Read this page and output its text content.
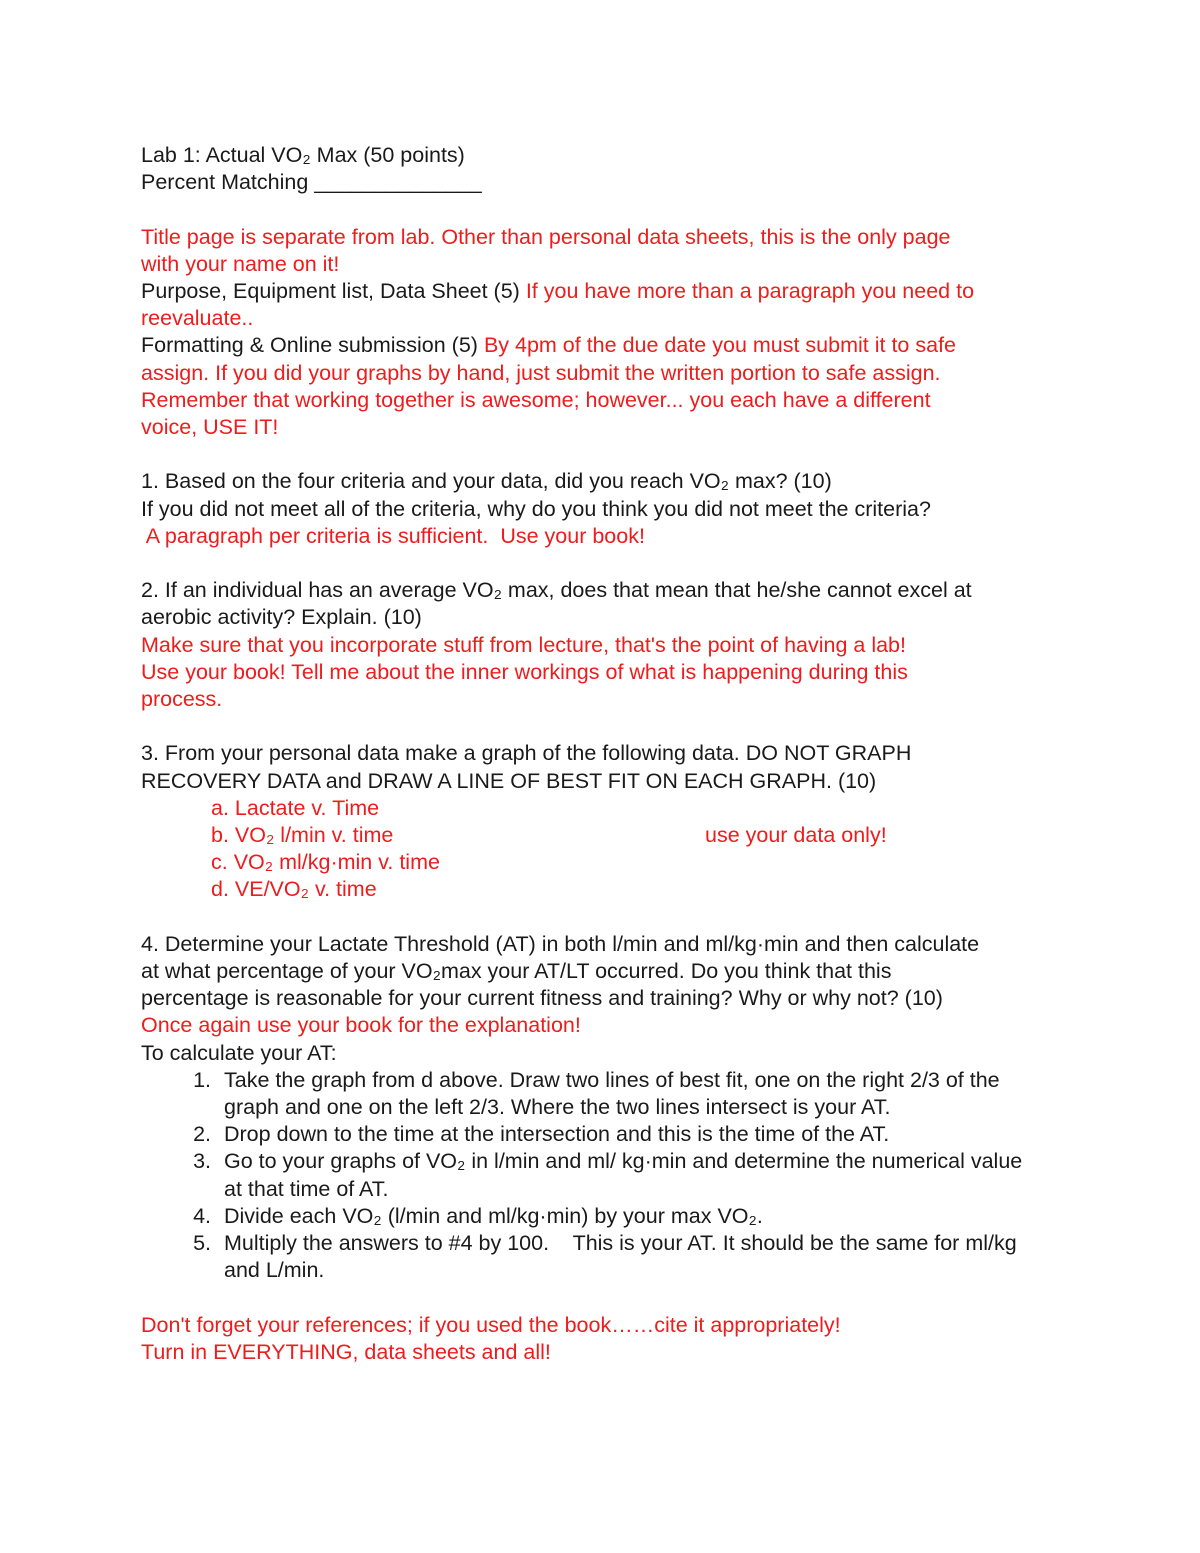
Lab 1: Actual VO₂ Max (50 points)
Percent Matching ______________
Title page is separate from lab. Other than personal data sheets, this is the only page
with your name on it!
Purpose, Equipment list, Data Sheet (5) If you have more than a paragraph you need to
reevaluate..
Formatting & Online submission (5) By 4pm of the due date you must submit it to safe
assign. If you did your graphs by hand, just submit the written portion to safe assign.
Remember that working together is awesome; however... you each have a different
voice, USE IT!
1. Based on the four criteria and your data, did you reach VO₂ max? (10)
If you did not meet all of the criteria, why do you think you did not meet the criteria?
A paragraph per criteria is sufficient.  Use your book!
2. If an individual has an average VO₂ max, does that mean that he/she cannot excel at
aerobic activity? Explain. (10)
Make sure that you incorporate stuff from lecture, that's the point of having a lab!
Use your book! Tell me about the inner workings of what is happening during this
process.
3. From your personal data make a graph of the following data. DO NOT GRAPH
RECOVERY DATA and DRAW A LINE OF BEST FIT ON EACH GRAPH. (10)
a. Lactate v. Time
b. VO₂ l/min v. time	use your data only!
c. VO₂ ml/kg·min v. time
d. VE/VO₂ v. time
4. Determine your Lactate Threshold (AT) in both l/min and ml/kg·min and then calculate
at what percentage of your VO₂max your AT/LT occurred. Do you think that this
percentage is reasonable for your current fitness and training? Why or why not? (10)
Once again use your book for the explanation!
To calculate your AT:
1. Take the graph from d above. Draw two lines of best fit, one on the right 2/3 of the graph and one on the left 2/3. Where the two lines intersect is your AT.
2. Drop down to the time at the intersection and this is the time of the AT.
3. Go to your graphs of VO₂ in l/min and ml/ kg·min and determine the numerical value at that time of AT.
4. Divide each VO₂ (l/min and ml/kg·min) by your max VO₂.
5. Multiply the answers to #4 by 100.    This is your AT. It should be the same for ml/kg and L/min.
Don't forget your references; if you used the book……cite it appropriately!
Turn in EVERYTHING, data sheets and all!
